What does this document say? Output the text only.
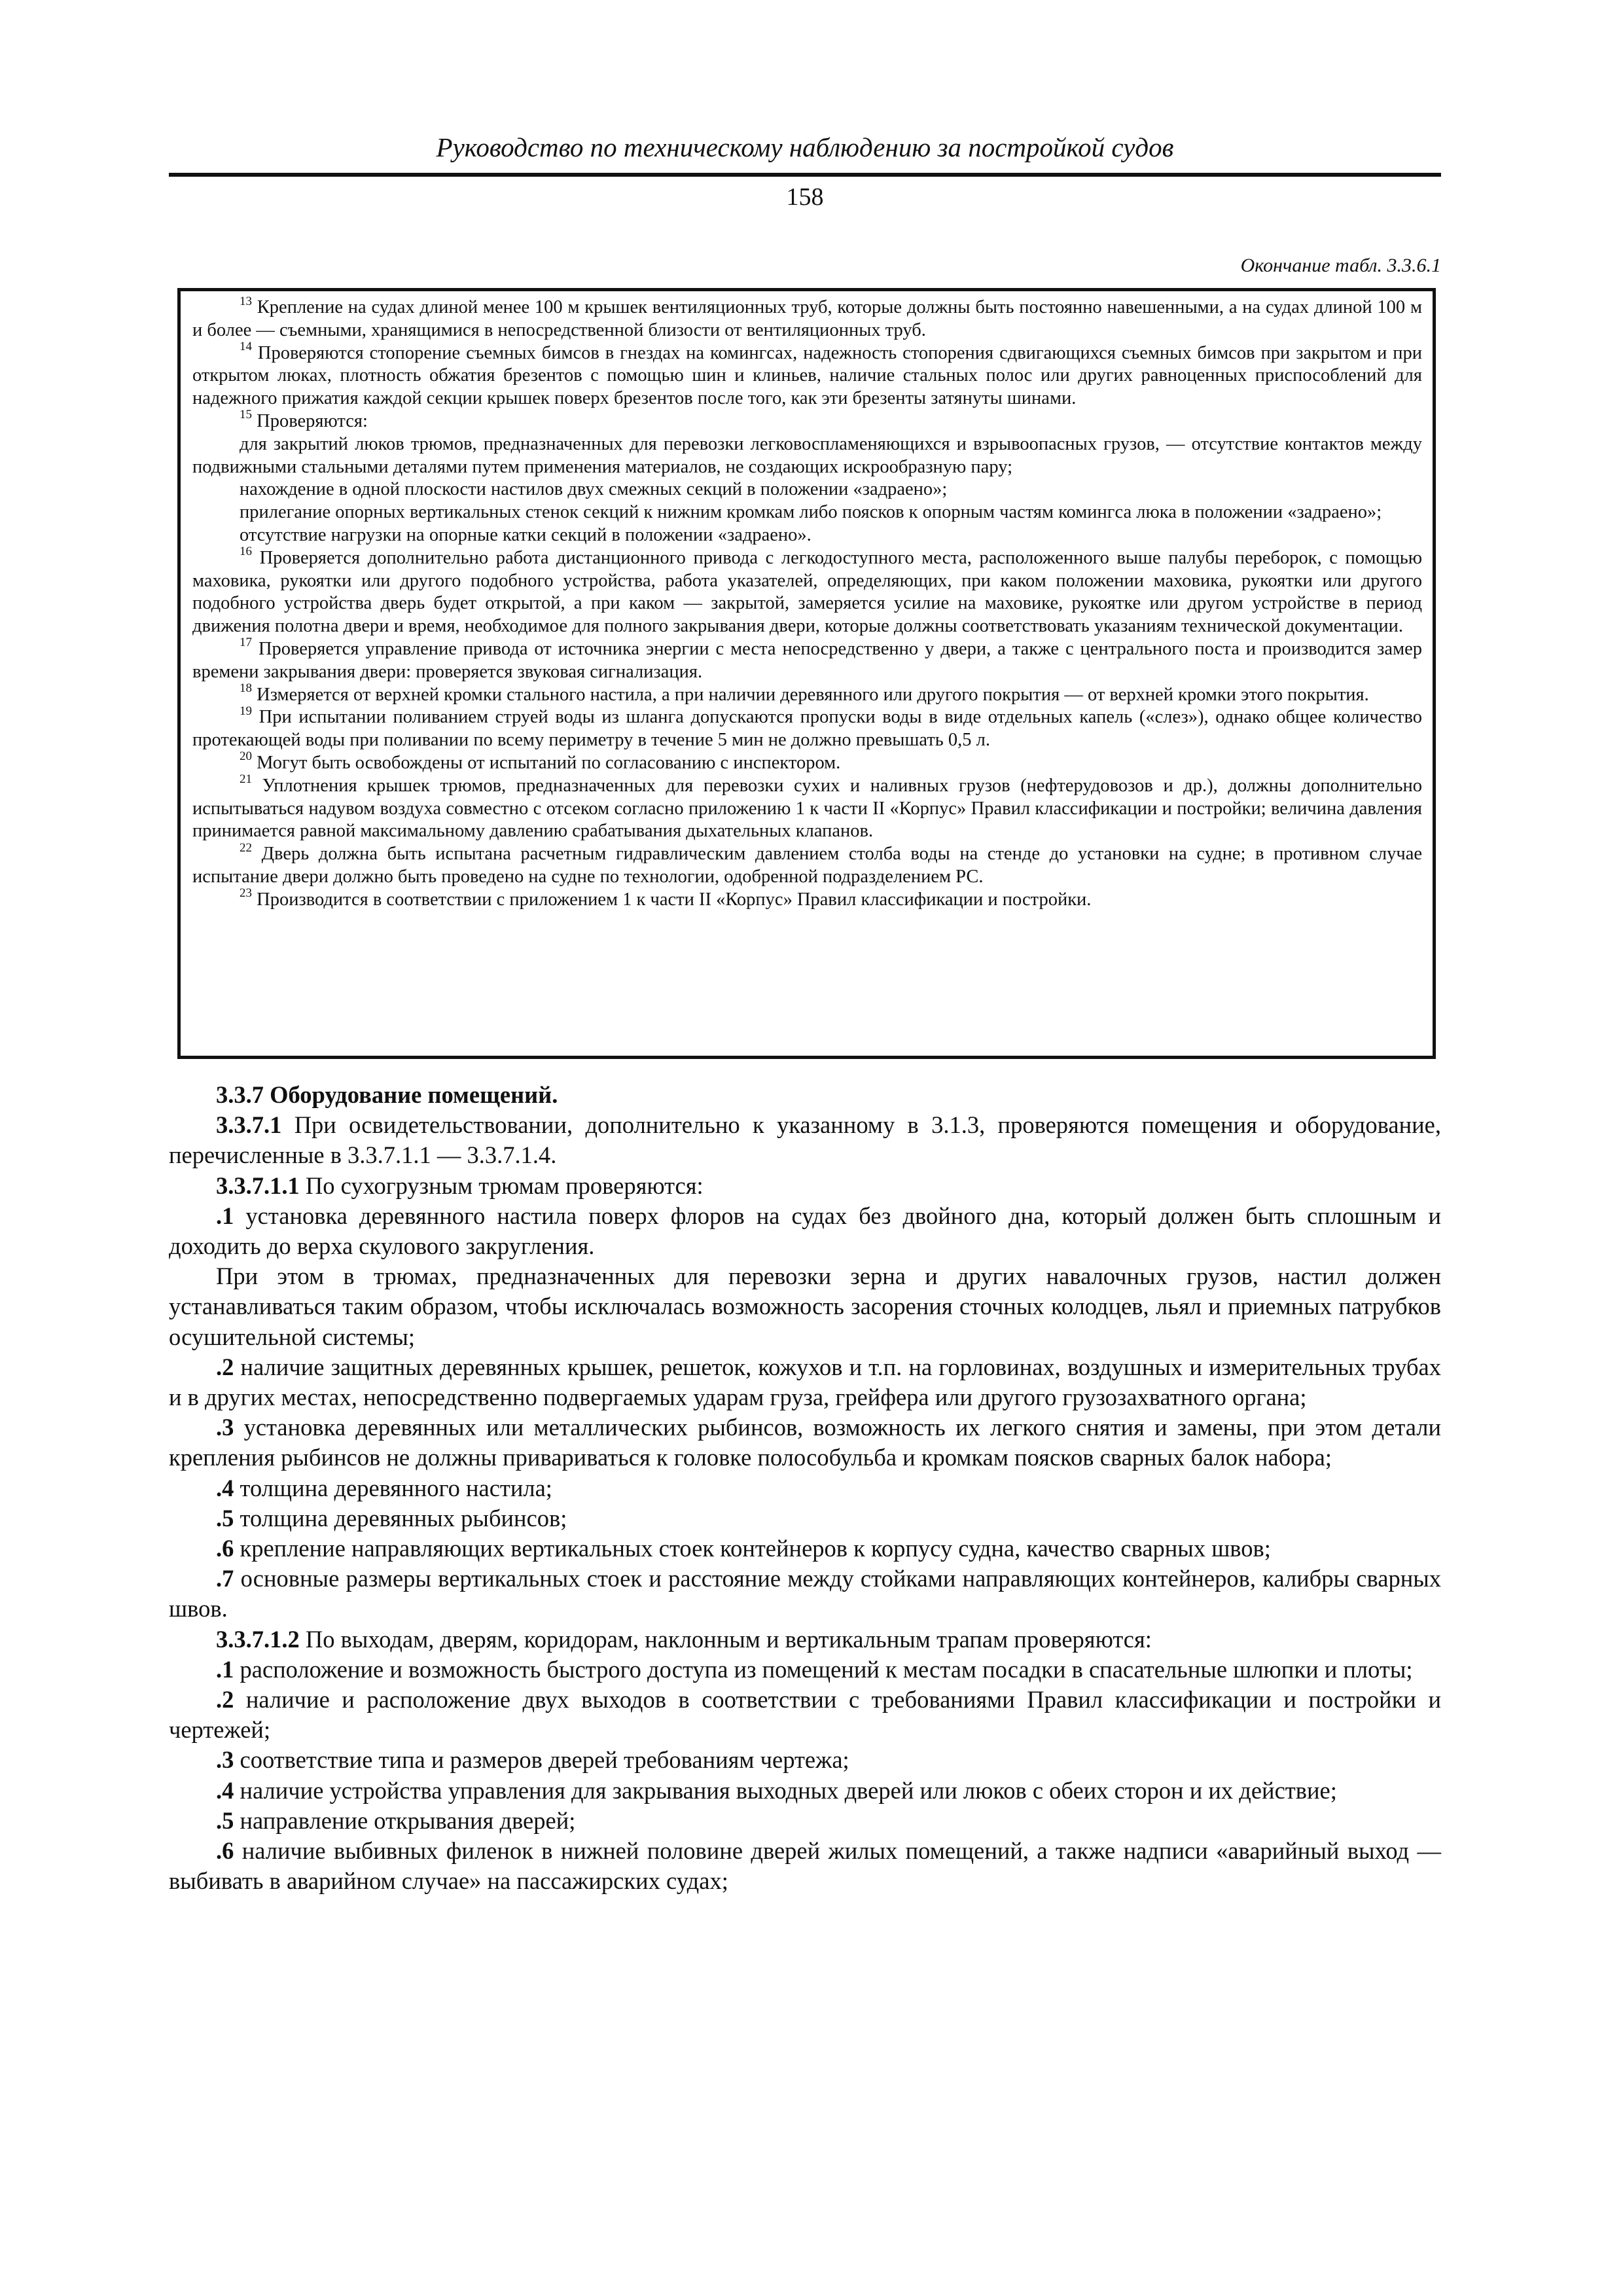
Руководство по техническому наблюдению за постройкой судов
158
Окончание табл. 3.3.6.1

$^{13}$ Крепление на судах длиной менее 100 м крышек вентиляционных труб, которые должны быть постоянно навешенными, а на судах длиной 100 м и более — съемными, хранящимися в непосредственной близости от вентиляционных труб.

$^{14}$ Проверяются стопорение съемных бимсов в гнездах на комингсах, надежность стопорения сдвигающихся съемных бимсов при закрытом и при открытом люках, плотность обжатия брезентов с помощью шин и клиньев, наличие стальных полос или других равноценных приспособлений для надежного прижатия каждой секции крышек поверх брезентов после того, как эти брезенты затянуты шинами.

$^{15}$ Проверяются:

для закрытий люков трюмов, предназначенных для перевозки легковоспламеняющихся и взрывоопасных грузов, — отсутствие контактов между подвижными стальными деталями путем применения материалов, не создающих искрообразную пару;

нахождение в одной плоскости настилов двух смежных секций в положении «задраено»;

прилегание опорных вертикальных стенок секций к нижним кромкам либо поясков к опорным частям комингса люка в положении «задраено»;

отсутствие нагрузки на опорные катки секций в положении «задраено».

$^{16}$ Проверяется дополнительно работа дистанционного привода с легкодоступного места, расположенного выше палубы переборок, с помощью маховика, рукоятки или другого подобного устройства, работа указателей, определяющих, при каком положении маховика, рукоятки или другого подобного устройства дверь будет открытой, а при каком — закрытой, замеряется усилие на маховике, рукоятке или другом устройстве в период движения полотна двери и время, необходимое для полного закрывания двери, которые должны соответствовать указаниям технической документации.

$^{17}$ Проверяется управление привода от источника энергии с места непосредственно у двери, а также с центрального поста и производится замер времени закрывания двери: проверяется звуковая сигнализация.

$^{18}$ Измеряется от верхней кромки стального настила, а при наличии деревянного или другого покрытия — от верхней кромки этого покрытия.

$^{19}$ При испытании поливанием струей воды из шланга допускаются пропуски воды в виде отдельных капель («слез»), однако общее количество протекающей воды при поливании по всему периметру в течение 5 мин не должно превышать 0,5 л.

$^{20}$ Могут быть освобождены от испытаний по согласованию с инспектором.

$^{21}$ Уплотнения крышек трюмов, предназначенных для перевозки сухих и наливных грузов (нефтерудовозов и др.), должны дополнительно испытываться надувом воздуха совместно с отсеком согласно приложению 1 к части II «Корпус» Правил классификации и постройки; величина давления принимается равной максимальному давлению срабатывания дыхательных клапанов.

$^{22}$ Дверь должна быть испытана расчетным гидравлическим давлением столба воды на стенде до установки на судне; в противном случае испытание двери должно быть проведено на судне по технологии, одобренной подразделением РС.

$^{23}$ Производится в соответствии с приложением 1 к части II «Корпус» Правил классификации и постройки.

3.3.7 Оборудование помещений.

3.3.7.1 При освидетельствовании, дополнительно к указанному в 3.1.3, проверяются помещения и оборудование, перечисленные в 3.3.7.1.1 — 3.3.7.1.4.

3.3.7.1.1 По сухогрузным трюмам проверяются:

.1 установка деревянного настила поверх флоров на судах без двойного дна, который должен быть сплошным и доходить до верха скулового закругления.

При этом в трюмах, предназначенных для перевозки зерна и других навалочных грузов, настил должен устанавливаться таким образом, чтобы исключалась возможность засорения сточных колодцев, льял и приемных патрубков осушительной системы;

.2 наличие защитных деревянных крышек, решеток, кожухов и т.п. на горловинах, воздушных и измерительных трубах и в других местах, непосредственно подвергаемых ударам груза, грейфера или другого грузозахватного органа;

.3 установка деревянных или металлических рыбинсов, возможность их легкого снятия и замены, при этом детали крепления рыбинсов не должны привариваться к головке полособульба и кромкам поясков сварных балок набора;

.4 толщина деревянного настила;

.5 толщина деревянных рыбинсов;

.6 крепление направляющих вертикальных стоек контейнеров к корпусу судна, качество сварных швов;

.7 основные размеры вертикальных стоек и расстояние между стойками направляющих контейнеров, калибры сварных швов.

3.3.7.1.2 По выходам, дверям, коридорам, наклонным и вертикальным трапам проверяются:

.1 расположение и возможность быстрого доступа из помещений к местам посадки в спасательные шлюпки и плоты;

.2 наличие и расположение двух выходов в соответствии с требованиями Правил классификации и постройки и чертежей;

.3 соответствие типа и размеров дверей требованиям чертежа;

.4 наличие устройства управления для закрывания выходных дверей или люков с обеих сторон и их действие;

.5 направление открывания дверей;

.6 наличие выбивных филенок в нижней половине дверей жилых помещений, а также надписи «аварийный выход — выбивать в аварийном случае» на пассажирских судах;
